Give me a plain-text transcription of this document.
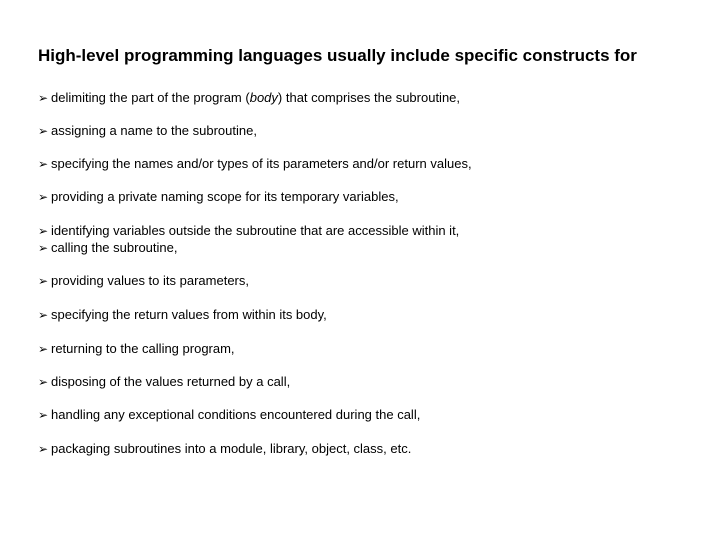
High-level programming languages usually include specific constructs for
➢ delimiting the part of the program (body) that comprises the subroutine,
➢ assigning a name to the subroutine,
➢ specifying the names and/or types of its parameters and/or return values,
➢ providing a private naming scope for its temporary variables,
➢ identifying variables outside the subroutine that are accessible within it,
➢ calling the subroutine,
➢ providing values to its parameters,
➢ specifying the return values from within its body,
➢ returning to the calling program,
➢ disposing of the values returned by a call,
➢ handling any exceptional conditions encountered during the call,
➢ packaging subroutines into a module, library, object, class, etc.
